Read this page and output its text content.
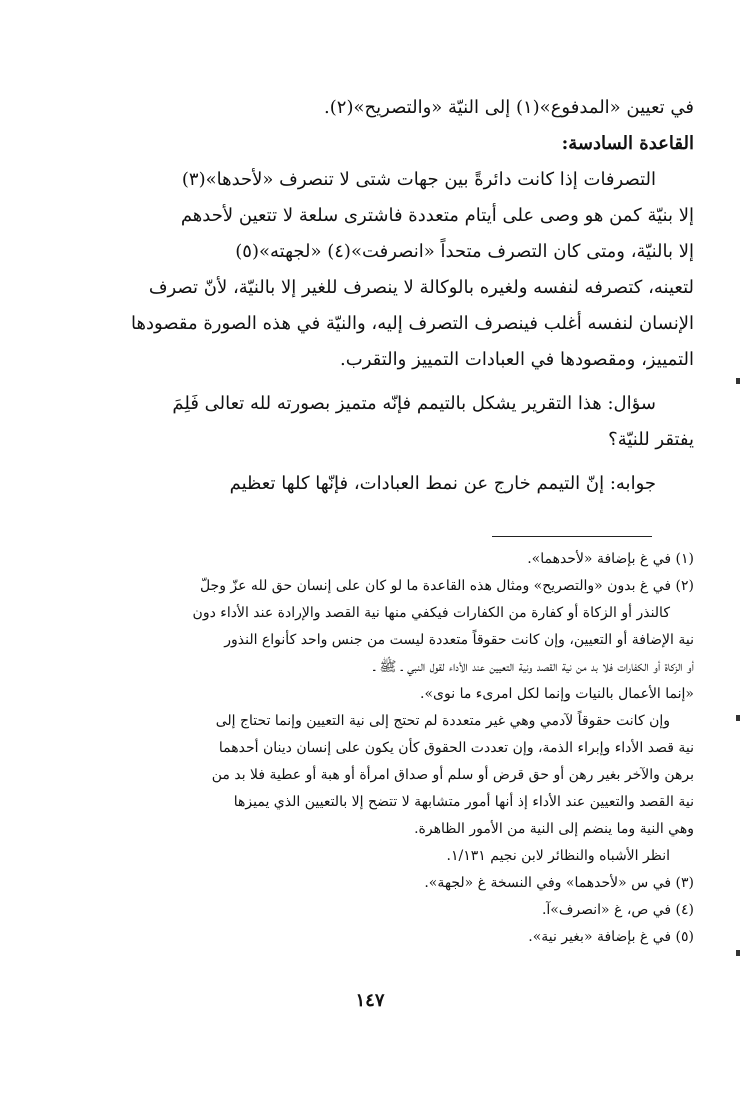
في تعيين «المدفوع»(١) إلى النيّة «والتصريح»(٢).
القاعدة السادسة:
التصرفات إذا كانت دائرةً بين جهات شتى لا تنصرف «لأحدها»(٣)
إلا بنيّة كمن هو وصى على أيتام متعددة فاشترى سلعة لا تتعين لأحدهم
إلا بالنيّة، ومتى كان التصرف متحداً «انصرفت»(٤) «لجهته»(٥)
لتعينه، كتصرفه لنفسه ولغيره بالوكالة لا ينصرف للغير إلا بالنيّة، لأنّ تصرف
الإنسان لنفسه أغلب فينصرف التصرف إليه، والنيّة في هذه الصورة مقصودها
التمييز، ومقصودها في العبادات التمييز والتقرب.
سؤال: هذا التقرير يشكل بالتيمم فإنّه متميز بصورته لله تعالى فَلِمَ
يفتقر للنيّة؟
جوابه: إنّ التيمم خارج عن نمط العبادات، فإنّها كلها تعظيم
(١) في غ بإضافة «لأحدهما».
(٢) في غ بدون «والتصريح» ومثال هذه القاعدة ما لو كان على إنسان حق لله عزّ وجلّ
كالنذر أو الزكاة أو كفارة من الكفارات فيكفي منها نية القصد والإرادة عند الأداء دون
نية الإضافة أو التعيين، وإن كانت حقوقاً متعددة ليست من جنس واحد كأنواع النذور
أو الزكاة أو الكفارات فلا بد من نية القصد ونية التعيين عند الأداء لقول النبي ـ ﷺ ـ
«إنما الأعمال بالنيات وإنما لكل امرىء ما نوى».
وإن كانت حقوقاً لآدمي وهي غير متعددة لم تحتج إلى نية التعيين وإنما تحتاج إلى
نية قصد الأداء وإبراء الذمة، وإن تعددت الحقوق كأن يكون على إنسان دينان أحدهما
برهن والآخر بغير رهن أو حق قرض أو سلم أو صداق امرأة أو هبة أو عطية فلا بد من
نية القصد والتعيين عند الأداء إذ أنها أمور متشابهة لا تتضح إلا بالتعيين الذي يميزها
وهي النية وما ينضم إلى النية من الأمور الظاهرة.
انظر الأشباه والنظائر لابن نجيم ١/١٣١.
(٣) في س «لأحدهما» وفي النسخة غ «لجهة».
(٤) في ص، غ «انصرف»آ.
(٥) في غ بإضافة «بغير نية».
١٤٧
